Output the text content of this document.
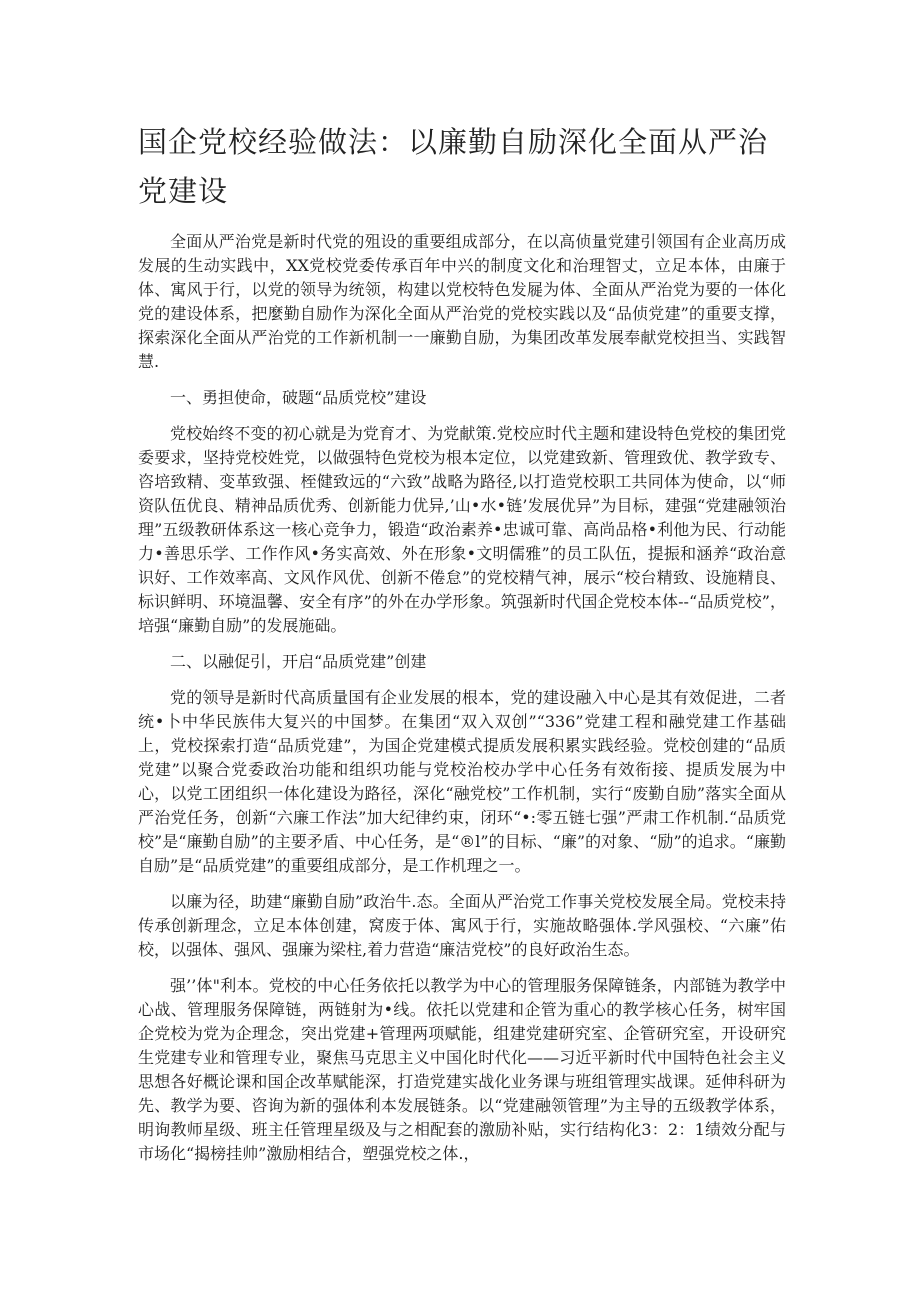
国企党校经验做法：以廉勤自励深化全面从严治党建设

全面从严治党是新时代党的殂设的重要组成部分，在以高侦量党建引领国有企业高历成发展的生动实践中，XX党校党委传承百年中兴的制度文化和治理智丈，立足本体，由廉于体、寓风于行，以党的领导为统领，构建以党校特色发屣为体、全面从严治党为要的一体化党的建设体系，把麼勤自励作为深化全面从严治党的党校实践以及“品侦党建”的重要支撑，探索深化全面从严治党的工作新机制一一廉勤自励，为集团改革发展奉献党校担当、实践智慧.

一、勇担使命，破题“品质党校”建设

党校始终不变的初心就是为党育才、为党献策.党校应时代主题和建设特色党校的集团党委要求，坚持党校姓党，以做强特色党校为根本定位，以党建致新、管理致优、教学致专、咨培致精、变革致强、桎健致远的“六致”战略为路径,以打造党校职工共同体为使命，以“师资队伍优良、精神品质优秀、创新能力优异,’山•水•链’发展优异”为目标，建强“党建融领治理”五级教研体系这一核心竞争力，锻造“政治素养•忠诚可靠、高尚品格•利他为民、行动能力•善思乐学、工作作风•务实高效、外在形象•文明儒雅”的员工队伍，提振和涵养“政治意识好、工作效率高、文风作风优、创新不倦怠”的党校精气神，展示“校台精致、设施精良、标识鲜明、环境温馨、安全有序”的外在办学形象。筑强新时代国企党校本体--“品质党校”，培强“廉勤自励”的发展施础。

二、以融促引，开启“品质党建”创建

党的领导是新时代高质量国有企业发展的根本，党的建设融入中心是其有效促进，二者统•卜中华民族伟大复兴的中国梦。在集团“双入双创”“336”党建工程和融党建工作基础上，党校探索打造“品质党建”，为国企党建模式提质发展积累实践经验。党校创建的“品质党建”以聚合党委政治功能和组织功能与党校治校办学中心任务有效衔接、提质发展为中心，以党工团组织一体化建设为路径，深化“融党校”工作机制，实行“废勤自励”落实全面从严治党任务，创新“六廉工作法”加大纪律约束，闭环“•:零五链七强”严肃工作机制.“品质党校”是“廉勤自励”的主要矛盾、中心任务，是“®l”的目标、“廉”的对象、“励”的追求。“廉勤自励”是“品质党建”的重要组成部分，是工作机理之一。

以廉为径，助建“廉勤自励”政治牛.态。全面从严治党工作事关党校发展全局。党校耒持传承创新理念，立足本体创建，窝废于体、寓风于行，实施故略强体.学风强校、“六廉”佑校，以强体、强风、强廉为梁柱,着力营造“廉洁党校”的良好政治生态。

强’’体"利本。党校的中心任务依托以教学为中心的管理服务保障链条，内部链为教学中心战、管理服务保障链，两链射为•线。依托以党建和企管为重心的教学核心任务，树牢国企党校为党为企理念，突出党建+管理两项赋能，组建党建研究室、企管研究室，开设研究生党建专业和管理专业，聚焦马克思主义中国化时代化——习近平新时代中国特色社会主义思想各好概论课和国企改革赋能深，打造党建实战化业务课与班组管理实战课。延伸科研为先、教学为要、咨询为新的强体利本发展链条。以“党建融领管理”为主导的五级教学体系，明询教师星级、班主任管理星级及与之相配套的激励补贴，实行结构化3：2：1绩效分配与市场化“揭榜挂帅”激励相结合，塑强党校之体.，
